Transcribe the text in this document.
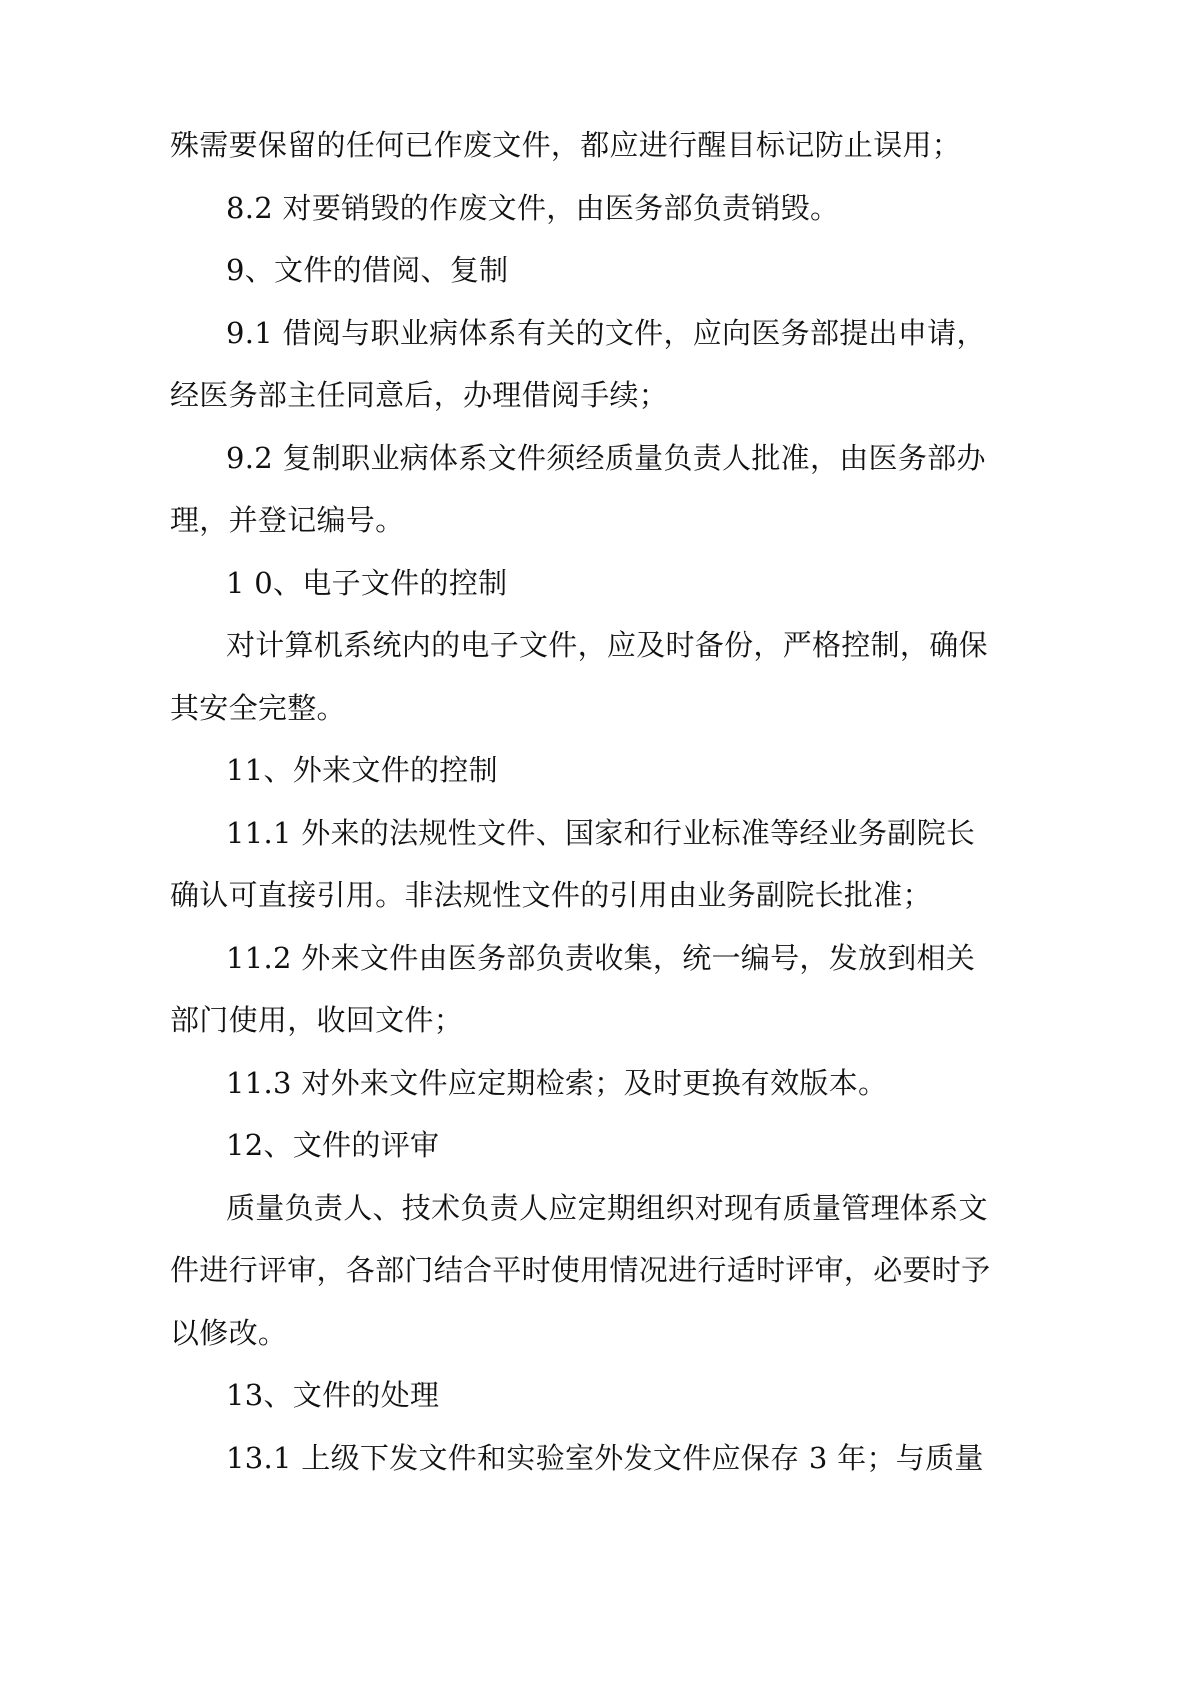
殊需要保留的任何已作废文件，都应进行醒目标记防止误用；
8.2 对要销毁的作废文件，由医务部负责销毁。
9、文件的借阅、复制
9.1 借阅与职业病体系有关的文件，应向医务部提出申请，
经医务部主任同意后，办理借阅手续；
9.2 复制职业病体系文件须经质量负责人批准，由医务部办
理，并登记编号。
1 0、电子文件的控制
对计算机系统内的电子文件，应及时备份，严格控制，确保
其安全完整。
11、外来文件的控制
11.1 外来的法规性文件、国家和行业标准等经业务副院长
确认可直接引用。非法规性文件的引用由业务副院长批准；
11.2 外来文件由医务部负责收集，统一编号，发放到相关
部门使用，收回文件；
11.3 对外来文件应定期检索；及时更换有效版本。
12、文件的评审
质量负责人、技术负责人应定期组织对现有质量管理体系文
件进行评审，各部门结合平时使用情况进行适时评审，必要时予
以修改。
13、文件的处理
13.1 上级下发文件和实验室外发文件应保存 3 年；与质量
